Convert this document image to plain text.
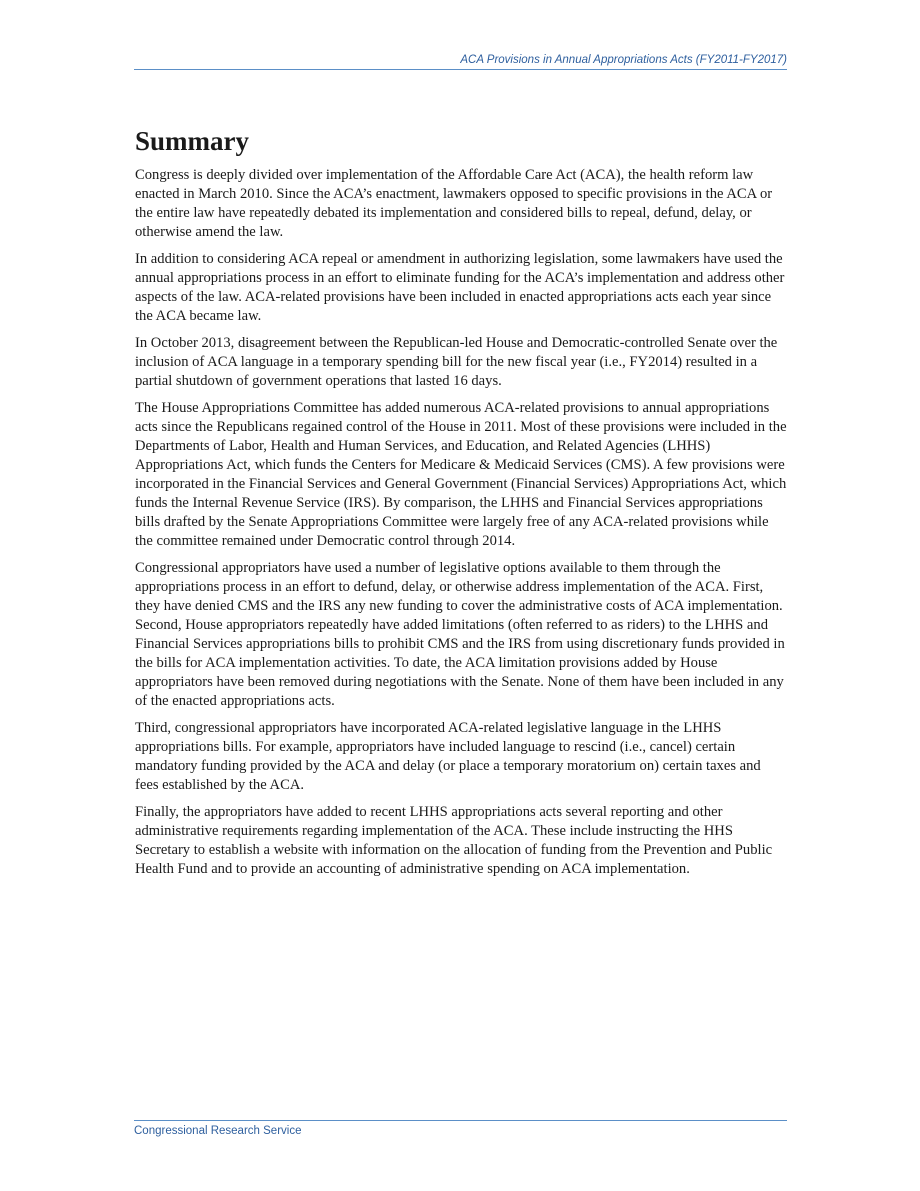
ACA Provisions in Annual Appropriations Acts (FY2011-FY2017)
Summary

Congress is deeply divided over implementation of the Affordable Care Act (ACA), the health reform law enacted in March 2010. Since the ACA’s enactment, lawmakers opposed to specific provisions in the ACA or the entire law have repeatedly debated its implementation and considered bills to repeal, defund, delay, or otherwise amend the law.

In addition to considering ACA repeal or amendment in authorizing legislation, some lawmakers have used the annual appropriations process in an effort to eliminate funding for the ACA’s implementation and address other aspects of the law. ACA-related provisions have been included in enacted appropriations acts each year since the ACA became law.

In October 2013, disagreement between the Republican-led House and Democratic-controlled Senate over the inclusion of ACA language in a temporary spending bill for the new fiscal year (i.e., FY2014) resulted in a partial shutdown of government operations that lasted 16 days.

The House Appropriations Committee has added numerous ACA-related provisions to annual appropriations acts since the Republicans regained control of the House in 2011. Most of these provisions were included in the Departments of Labor, Health and Human Services, and Education, and Related Agencies (LHHS) Appropriations Act, which funds the Centers for Medicare & Medicaid Services (CMS). A few provisions were incorporated in the Financial Services and General Government (Financial Services) Appropriations Act, which funds the Internal Revenue Service (IRS). By comparison, the LHHS and Financial Services appropriations bills drafted by the Senate Appropriations Committee were largely free of any ACA-related provisions while the committee remained under Democratic control through 2014.

Congressional appropriators have used a number of legislative options available to them through the appropriations process in an effort to defund, delay, or otherwise address implementation of the ACA. First, they have denied CMS and the IRS any new funding to cover the administrative costs of ACA implementation. Second, House appropriators repeatedly have added limitations (often referred to as riders) to the LHHS and Financial Services appropriations bills to prohibit CMS and the IRS from using discretionary funds provided in the bills for ACA implementation activities. To date, the ACA limitation provisions added by House appropriators have been removed during negotiations with the Senate. None of them have been included in any of the enacted appropriations acts.

Third, congressional appropriators have incorporated ACA-related legislative language in the LHHS appropriations bills. For example, appropriators have included language to rescind (i.e., cancel) certain mandatory funding provided by the ACA and delay (or place a temporary moratorium on) certain taxes and fees established by the ACA.

Finally, the appropriators have added to recent LHHS appropriations acts several reporting and other administrative requirements regarding implementation of the ACA. These include instructing the HHS Secretary to establish a website with information on the allocation of funding from the Prevention and Public Health Fund and to provide an accounting of administrative spending on ACA implementation.

Congressional Research Service
